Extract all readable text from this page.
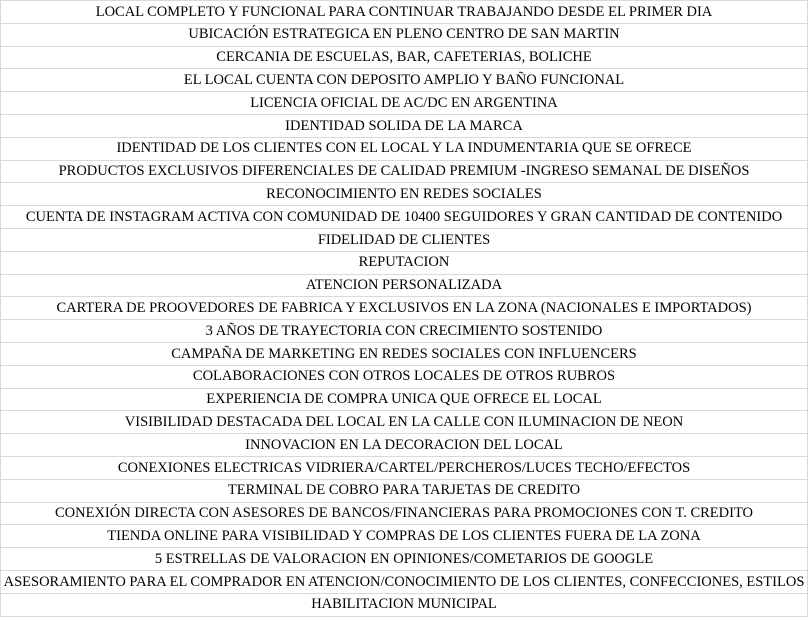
LOCAL COMPLETO Y FUNCIONAL PARA CONTINUAR TRABAJANDO DESDE EL PRIMER DIA
UBICACIÓN ESTRATEGICA EN PLENO CENTRO DE SAN MARTIN
CERCANIA DE ESCUELAS, BAR, CAFETERIAS, BOLICHE
EL LOCAL CUENTA CON DEPOSITO AMPLIO Y BAÑO FUNCIONAL
LICENCIA OFICIAL DE AC/DC EN ARGENTINA
IDENTIDAD SOLIDA DE LA MARCA
IDENTIDAD DE LOS CLIENTES CON EL LOCAL Y LA INDUMENTARIA QUE SE OFRECE
PRODUCTOS EXCLUSIVOS DIFERENCIALES DE CALIDAD PREMIUM -INGRESO SEMANAL DE DISEÑOS
RECONOCIMIENTO EN REDES SOCIALES
CUENTA DE INSTAGRAM ACTIVA CON COMUNIDAD DE 10400 SEGUIDORES Y GRAN CANTIDAD DE CONTENIDO
FIDELIDAD DE CLIENTES
REPUTACION
ATENCION PERSONALIZADA
CARTERA DE PROOVEDORES DE FABRICA Y EXCLUSIVOS EN LA ZONA (NACIONALES E IMPORTADOS)
3 AÑOS DE TRAYECTORIA CON CRECIMIENTO SOSTENIDO
CAMPAÑA DE MARKETING EN REDES SOCIALES CON INFLUENCERS
COLABORACIONES CON OTROS LOCALES DE OTROS RUBROS
EXPERIENCIA DE COMPRA UNICA QUE OFRECE EL LOCAL
VISIBILIDAD DESTACADA DEL LOCAL EN LA CALLE CON ILUMINACION DE NEON
INNOVACION EN LA DECORACION DEL LOCAL
CONEXIONES ELECTRICAS VIDRIERA/CARTEL/PERCHEROS/LUCES TECHO/EFECTOS
TERMINAL DE COBRO PARA TARJETAS DE CREDITO
CONEXIÓN DIRECTA CON ASESORES DE BANCOS/FINANCIERAS PARA PROMOCIONES CON T. CREDITO
TIENDA ONLINE PARA VISIBILIDAD Y COMPRAS DE LOS CLIENTES FUERA DE LA ZONA
5 ESTRELLAS DE VALORACION EN OPINIONES/COMETARIOS DE GOOGLE
ASESORAMIENTO PARA EL COMPRADOR EN ATENCION/CONOCIMIENTO DE LOS CLIENTES, CONFECCIONES, ESTILOS
HABILITACION MUNICIPAL
